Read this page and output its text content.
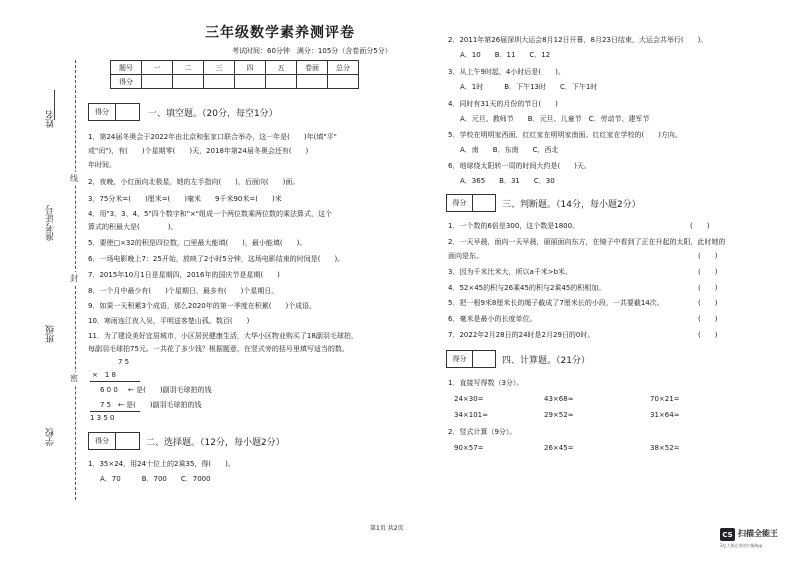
姓名
准考证号
班级
学校
线
封
密
三年级数学素养测评卷
考试时间：60分钟　满分：105分（含卷面分5分）
题号	一	二	三	四	五	卷面	总分
得分							
得分	一、填空题。（20分，每空1分）
1．第24届冬奥会于2022年由北京和张家口联合举办，这一年是(　　)年(填"平"
或"闰")，有(　　)个星期零(　　)天，2018年第24届冬奥会还有(　　)
年时间。
2．夜晚，小红面向北极星，她的左手指向(　　)，后面向(　　)面。
3．75分米=(　　)厘米=(　　)毫米　　9千米90米=(　　)米
4．用"3、3、4、5"四个数字和"×"组成一个两位数乘两位数的乘法算式，这个
算式的积最大是(　　　　)。
5．要使□×32的积是四位数，□里最大能填(　　)，最小能填(　　)。
6．一场电影晚上7：25开始，放映了2小时5分钟，这场电影结束的时间是(　　)。
7．2015年10月1日是星期四，2016年的国庆节是星期(　　)
8．一个月中最少有(　　)个星期日，最多有(　　)个星期日。
9．如果一天积累3个成语，那么2020年的第一季度在积累(　　)个成语。
10．寒雨连江夜入吴，平明送客楚山孤。数百(　　)
11．为了建设美好宜居城市，小区居民健康生活，大华小区物业购买了18副羽毛球拍，
每副羽毛球拍75元。一共花了多少钱？根据题意，在竖式旁的括号里填写适当的数。
7 5
×　1 8
6 0 0 ← 是(　　)副羽毛球拍的钱
7 5 ← 是(　　)副羽毛球拍的钱
1 3 5 0
得分	二、选择题。（12分，每小题2分）
1．35×24，用24十位上的2乘35，得(　　)。
A．70　　　B．700　　C．7000
2．2011年第26届深圳大运会8月12日开幕，8月23日结束，大运会共举行(　　)。
A．10　　B．11　　C．12
3．从上午9时起，4小时后是(　　)。
A．1时　　　B．下午13时　　C．下午1时
4．同时有31天的月份的节日(　　)
A．元旦、教师节　　B．元旦、儿童节　C．劳动节、建军节
5．学校在明明家西面，红红家在明明家南面。红红家在学校的(　　)方向。
A．南　　B．东南　　C．西北
6．地球绕太阳转一周的时间大约是(　　)天。
A．365　　B．31　　C．30
得分	三、判断题。（14分，每小题2分）
1．一个数的6倍是300，这个数是1800。	(　　)
2．一天早晨，面向一天早晨，丽丽面向东方，在镜子中看到了正在升起的太阳，此时她的
面向是东。	(　　)
3．因为千米比米大，所以a千米>b米。	(　　)
4．52×45的积与26乘45的积与2乘45的积相加。	(　　)
5．把一根9米8厘米长的绳子截成了7厘米长的小段，一共要截14次。	(　　)
6．毫米是最小的长度单位。	(　　)
7．2022年2月28日的24时是2月29日的0时。	(　　)
得分	四、计算题。（21分）
1．直接写得数（3分）。
24×30=	43×68≈	70×21=
34×101≈	29×52≈	31×64≈
2．竖式计算（9分）。
90×57=	26×45=	38×52=
第1页 共2页
CS 扫描全能王
3亿人都在用的扫描App
